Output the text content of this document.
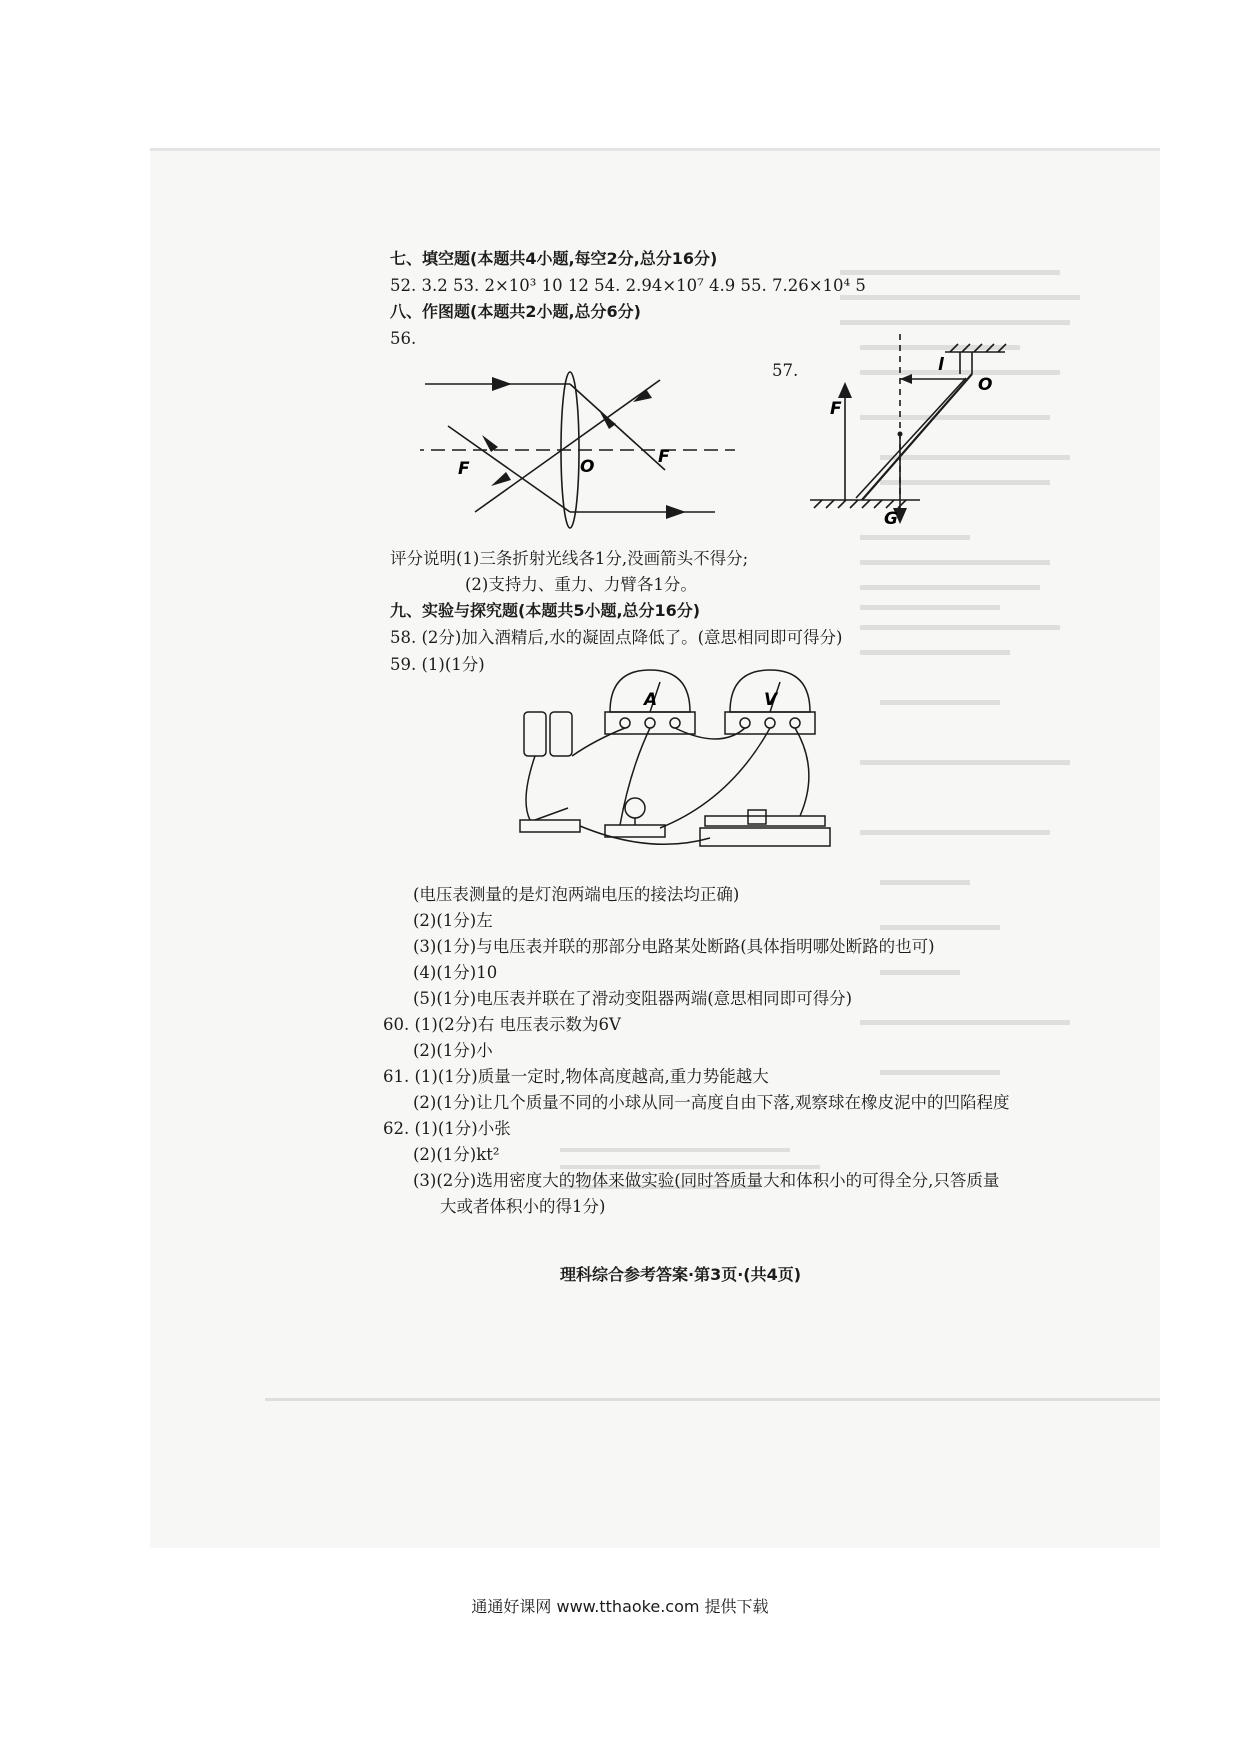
七、填空题(本题共4小题,每空2分,总分16分)
52. 3.2 53. 2×10³ 10 12 54. 2.94×10⁷ 4.9 55. 7.26×10⁴ 5
八、作图题(本题共2小题,总分6分)
56.
57.
F	O	F
F
l
O
G
评分说明(1)三条折射光线各1分,没画箭头不得分;
(2)支持力、重力、力臂各1分。
九、实验与探究题(本题共5小题,总分16分)
58. (2分)加入酒精后,水的凝固点降低了。(意思相同即可得分)
59. (1)(1分)
A	V
(电压表测量的是灯泡两端电压的接法均正确)
(2)(1分)左
(3)(1分)与电压表并联的那部分电路某处断路(具体指明哪处断路的也可)
(4)(1分)10
(5)(1分)电压表并联在了滑动变阻器两端(意思相同即可得分)
60. (1)(2分)右 电压表示数为6V
(2)(1分)小
61. (1)(1分)质量一定时,物体高度越高,重力势能越大
(2)(1分)让几个质量不同的小球从同一高度自由下落,观察球在橡皮泥中的凹陷程度
62. (1)(1分)小张
(2)(1分)kt²
(3)(2分)选用密度大的物体来做实验(同时答质量大和体积小的可得全分,只答质量
大或者体积小的得1分)
理科综合参考答案·第3页·(共4页)
通通好课网 www.tthaoke.com 提供下载
